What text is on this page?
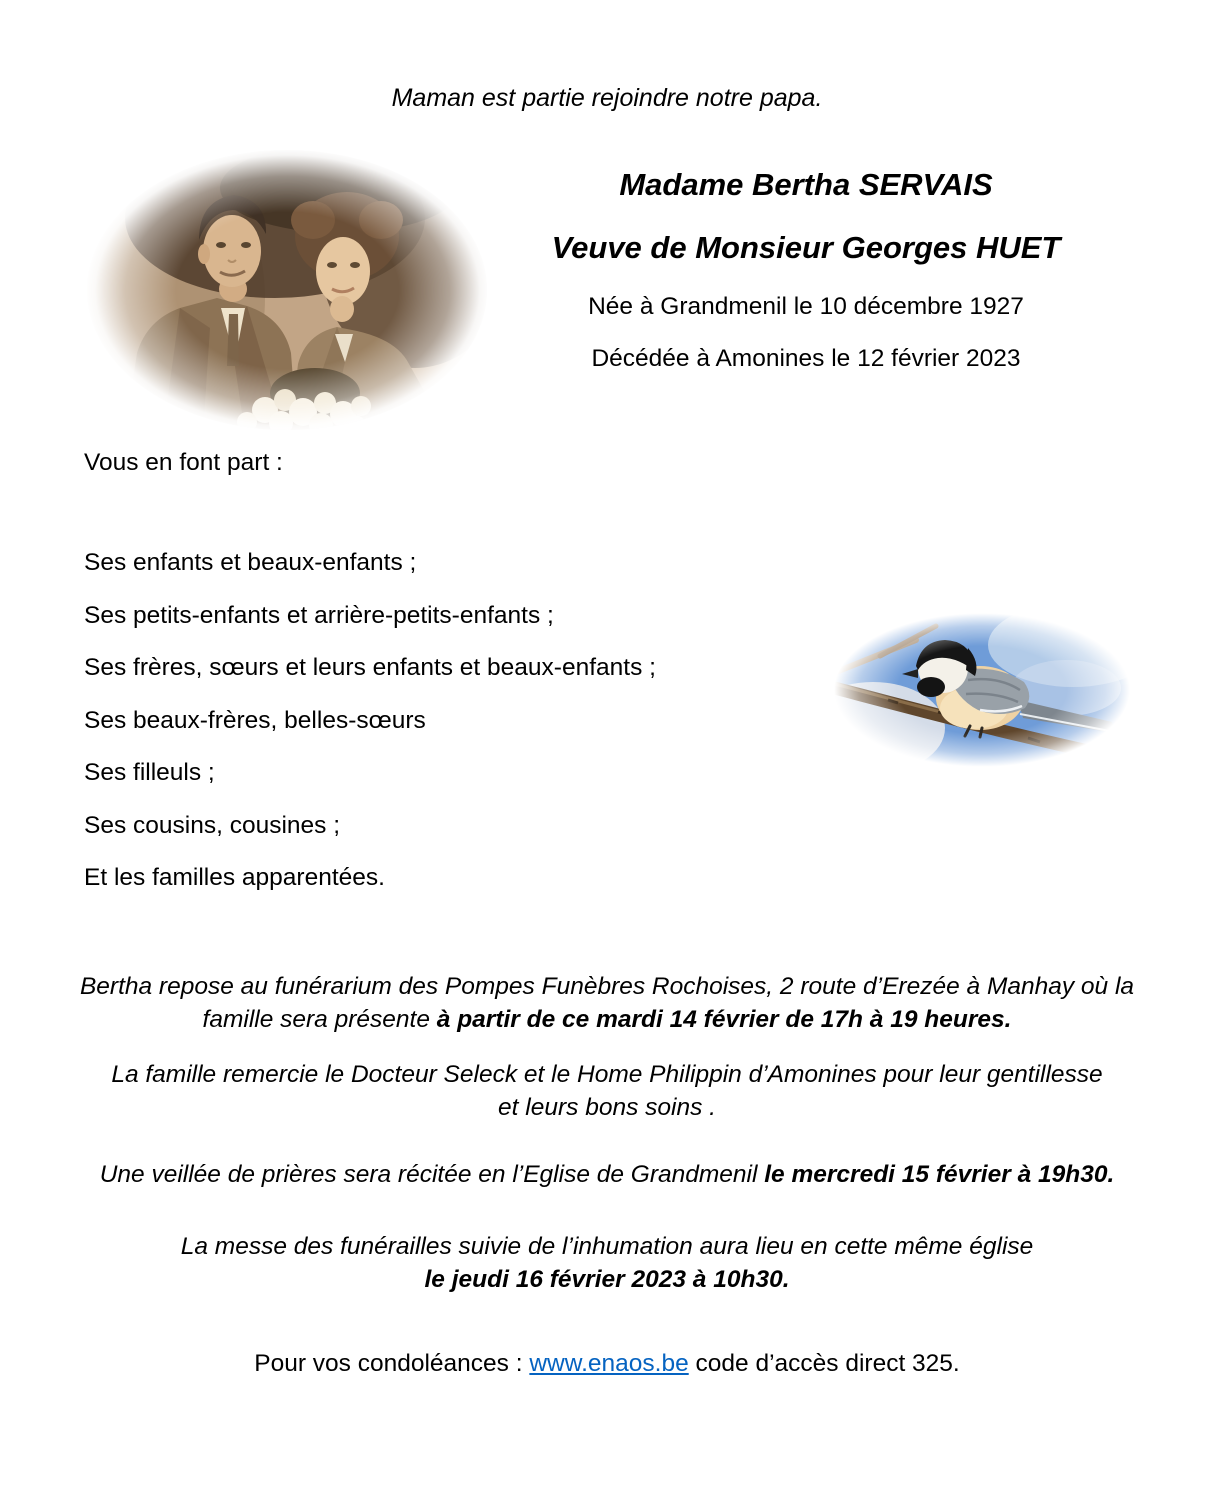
Maman est partie rejoindre notre papa.
Madame Bertha SERVAIS
Veuve de Monsieur Georges HUET
Née à Grandmenil le 10 décembre 1927
Décédée à Amonines le 12 février 2023
Vous en font part :
Ses enfants et beaux-enfants ;
Ses petits-enfants et arrière-petits-enfants ;
Ses frères, sœurs et leurs enfants et beaux-enfants ;
Ses beaux-frères, belles-sœurs
Ses filleuls ;
Ses cousins, cousines ;
Et les familles apparentées.
Bertha repose au funérarium des Pompes Funèbres Rochoises, 2 route d’Erezée à Manhay où la
famille sera présente à partir de ce mardi 14 février de 17h à 19 heures.
La famille remercie le Docteur Seleck et le Home Philippin d’Amonines pour leur gentillesse
et leurs bons soins .
Une veillée de prières sera récitée en l’Eglise de Grandmenil le mercredi 15 février à 19h30.
La messe des funérailles suivie de l’inhumation aura lieu en cette même église
le jeudi 16 février 2023 à 10h30.
Pour vos condoléances : www.enaos.be code d’accès direct 325.
